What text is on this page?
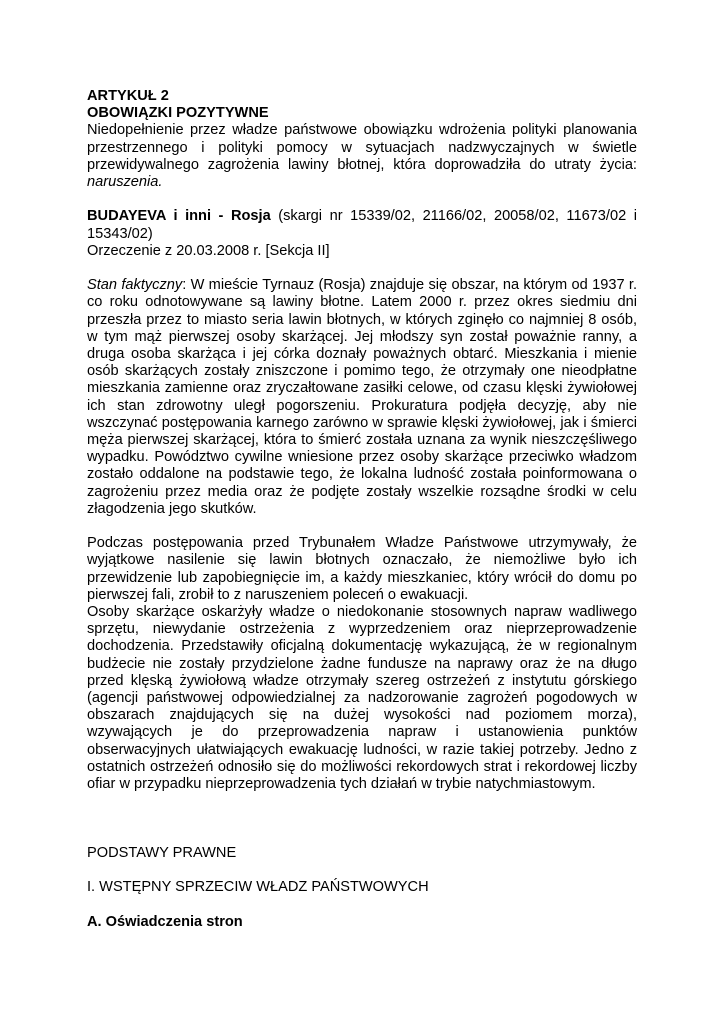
ARTYKUŁ 2

OBOWIĄZKI POZYTYWNE

Niedopełnienie przez władze państwowe obowiązku wdrożenia polityki planowania przestrzennego i polityki pomocy w sytuacjach nadzwyczajnych w świetle przewidywalnego zagrożenia lawiny błotnej, która doprowadziła do utraty życia: naruszenia.

BUDAYEVA i inni - Rosja (skargi nr 15339/02, 21166/02, 20058/02, 11673/02 i 15343/02)

Orzeczenie z 20.03.2008 r. [Sekcja II]

Stan faktyczny: W mieście Tyrnauz (Rosja) znajduje się obszar, na którym od 1937 r. co roku odnotowywane są lawiny błotne. Latem 2000 r. przez okres siedmiu dni przeszła przez to miasto seria lawin błotnych, w których zginęło co najmniej 8 osób, w tym mąż pierwszej osoby skarżącej. Jej młodszy syn został poważnie ranny, a druga osoba skarżąca i jej córka doznały poważnych obtarć. Mieszkania i mienie osób skarżących zostały zniszczone i pomimo tego, że otrzymały one nieodpłatne mieszkania zamienne oraz zryczałtowane zasiłki celowe, od czasu klęski żywiołowej ich stan zdrowotny uległ pogorszeniu. Prokuratura podjęła decyzję, aby nie wszczynać postępowania karnego zarówno w sprawie klęski żywiołowej, jak i śmierci męża pierwszej skarżącej, która to śmierć została uznana za wynik nieszczęśliwego wypadku. Powództwo cywilne wniesione przez osoby skarżące przeciwko władzom zostało oddalone na podstawie tego, że lokalna ludność została poinformowana o zagrożeniu przez media oraz że podjęte zostały wszelkie rozsądne środki w celu złagodzenia jego skutków.

Podczas postępowania przed Trybunałem Władze Państwowe utrzymywały, że wyjątkowe nasilenie się lawin błotnych oznaczało, że niemożliwe było ich przewidzenie lub zapobiegnięcie im, a każdy mieszkaniec, który wrócił do domu po pierwszej fali, zrobił to z naruszeniem poleceń o ewakuacji.

Osoby skarżące oskarżyły władze o niedokonanie stosownych napraw wadliwego sprzętu, niewydanie ostrzeżenia z wyprzedzeniem oraz nieprzeprowadzenie dochodzenia. Przedstawiły oficjalną dokumentację wykazującą, że w regionalnym budżecie nie zostały przydzielone żadne fundusze na naprawy oraz że na długo przed klęską żywiołową władze otrzymały szereg ostrzeżeń z instytutu górskiego (agencji państwowej odpowiedzialnej za nadzorowanie zagrożeń pogodowych w obszarach znajdujących się na dużej wysokości nad poziomem morza), wzywających je do przeprowadzenia napraw i ustanowienia punktów obserwacyjnych ułatwiających ewakuację ludności, w razie takiej potrzeby. Jedno z ostatnich ostrzeżeń odnosiło się do możliwości rekordowych strat i rekordowej liczby ofiar w przypadku nieprzeprowadzenia tych działań w trybie natychmiastowym.

PODSTAWY PRAWNE

I. WSTĘPNY SPRZECIW WŁADZ PAŃSTWOWYCH

A. Oświadczenia stron
